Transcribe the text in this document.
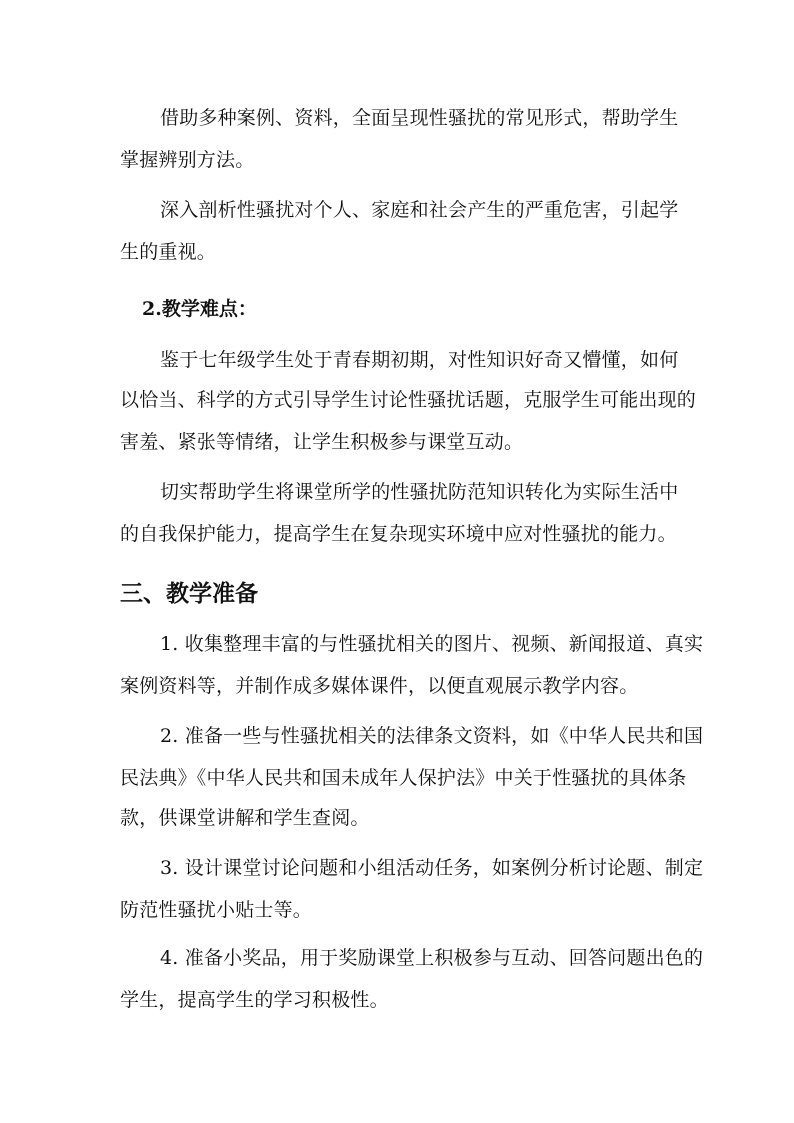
借助多种案例、资料，全面呈现性骚扰的常见形式，帮助学生
掌握辨别方法。
深入剖析性骚扰对个人、家庭和社会产生的严重危害，引起学
生的重视。
2.教学难点：
鉴于七年级学生处于青春期初期，对性知识好奇又懵懂，如何
以恰当、科学的方式引导学生讨论性骚扰话题，克服学生可能出现的
害羞、紧张等情绪，让学生积极参与课堂互动。
切实帮助学生将课堂所学的性骚扰防范知识转化为实际生活中
的自我保护能力，提高学生在复杂现实环境中应对性骚扰的能力。
三、教学准备
1. 收集整理丰富的与性骚扰相关的图片、视频、新闻报道、真实
案例资料等，并制作成多媒体课件，以便直观展示教学内容。
2. 准备一些与性骚扰相关的法律条文资料，如《中华人民共和国
民法典》《中华人民共和国未成年人保护法》中关于性骚扰的具体条
款，供课堂讲解和学生查阅。
3. 设计课堂讨论问题和小组活动任务，如案例分析讨论题、制定
防范性骚扰小贴士等。
4. 准备小奖品，用于奖励课堂上积极参与互动、回答问题出色的
学生，提高学生的学习积极性。
